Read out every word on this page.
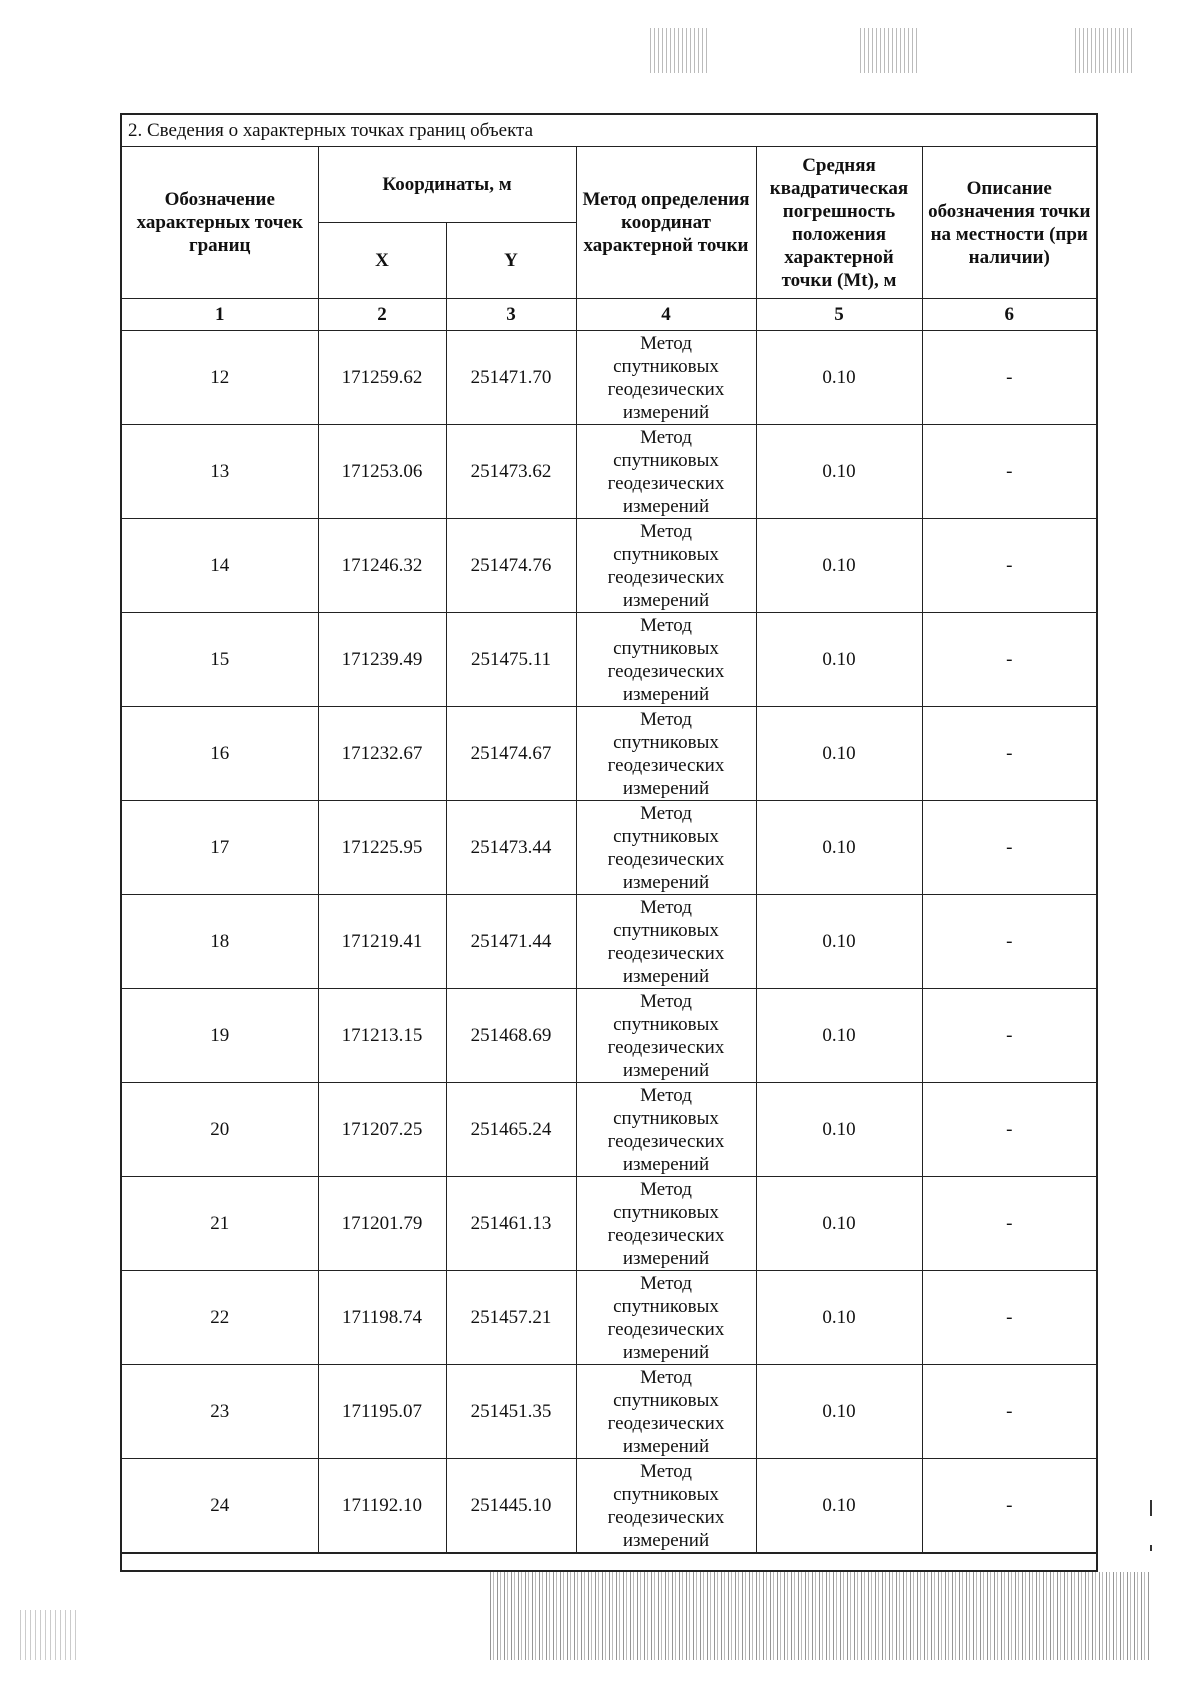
2. Сведения о характерных точках границ объекта
Обозначение характерных точек границ	Координаты, м		Метод определения координат характерной точки	Средняя квадратическая погрешность положения характерной точки (Mt), м	Описание обозначения точки на местности (при наличии)
	X	Y			
1	2	3	4	5	6
12	171259.62	251471.70	Метод
спутниковых
геодезических
измерений	0.10	-
13	171253.06	251473.62	Метод
спутниковых
геодезических
измерений	0.10	-
14	171246.32	251474.76	Метод
спутниковых
геодезических
измерений	0.10	-
15	171239.49	251475.11	Метод
спутниковых
геодезических
измерений	0.10	-
16	171232.67	251474.67	Метод
спутниковых
геодезических
измерений	0.10	-
17	171225.95	251473.44	Метод
спутниковых
геодезических
измерений	0.10	-
18	171219.41	251471.44	Метод
спутниковых
геодезических
измерений	0.10	-
19	171213.15	251468.69	Метод
спутниковых
геодезических
измерений	0.10	-
20	171207.25	251465.24	Метод
спутниковых
геодезических
измерений	0.10	-
21	171201.79	251461.13	Метод
спутниковых
геодезических
измерений	0.10	-
22	171198.74	251457.21	Метод
спутниковых
геодезических
измерений	0.10	-
23	171195.07	251451.35	Метод
спутниковых
геодезических
измерений	0.10	-
24	171192.10	251445.10	Метод
спутниковых
геодезических
измерений	0.10	-
